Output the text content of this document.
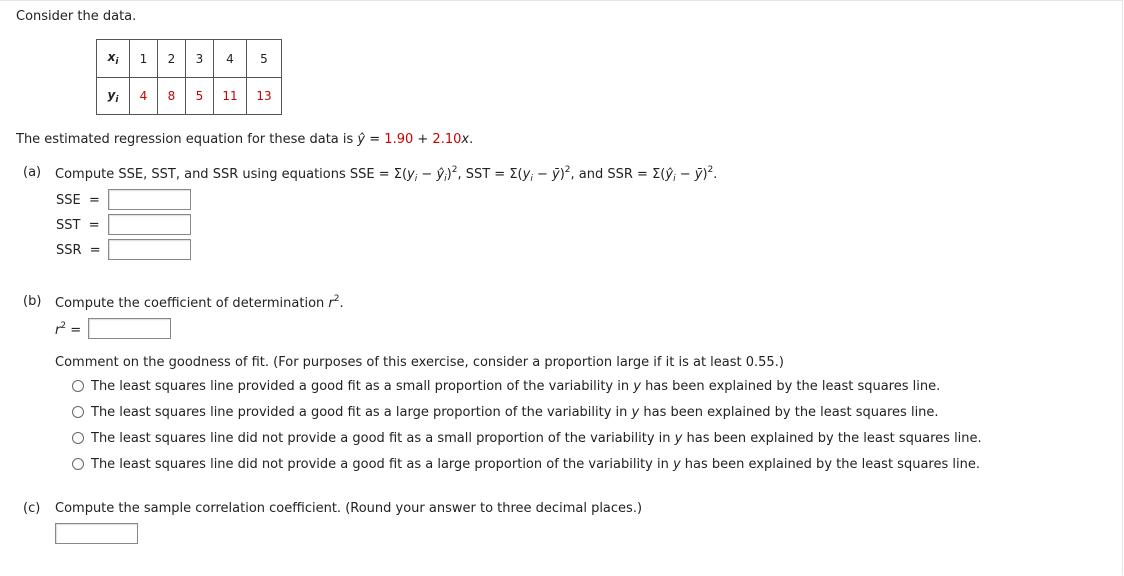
Consider the data.
$x_i$	1	2	3	4	5
$y_i$	4	8	5	11	13
The estimated regression equation for these data is ŷ = 1.90 + 2.10x.
(a) Compute SSE, SST, and SSR using equations SSE = $\Sigma(y_i$ − $ŷ_i)^2$, SST = $\Sigma(y_i$ − ȳ)$^2$, and SSR = $\Sigma(ŷ_i$ − ȳ)$^2$.
SSE  =
SST  =
SSR  =
(b) Compute the coefficient of determination $r^2$.
$r^2$ =
Comment on the goodness of fit. (For purposes of this exercise, consider a proportion large if it is at least 0.55.)
The least squares line provided a good fit as a small proportion of the variability in y has been explained by the least squares line.
The least squares line provided a good fit as a large proportion of the variability in y has been explained by the least squares line.
The least squares line did not provide a good fit as a small proportion of the variability in y has been explained by the least squares line.
The least squares line did not provide a good fit as a large proportion of the variability in y has been explained by the least squares line.
(c) Compute the sample correlation coefficient. (Round your answer to three decimal places.)
